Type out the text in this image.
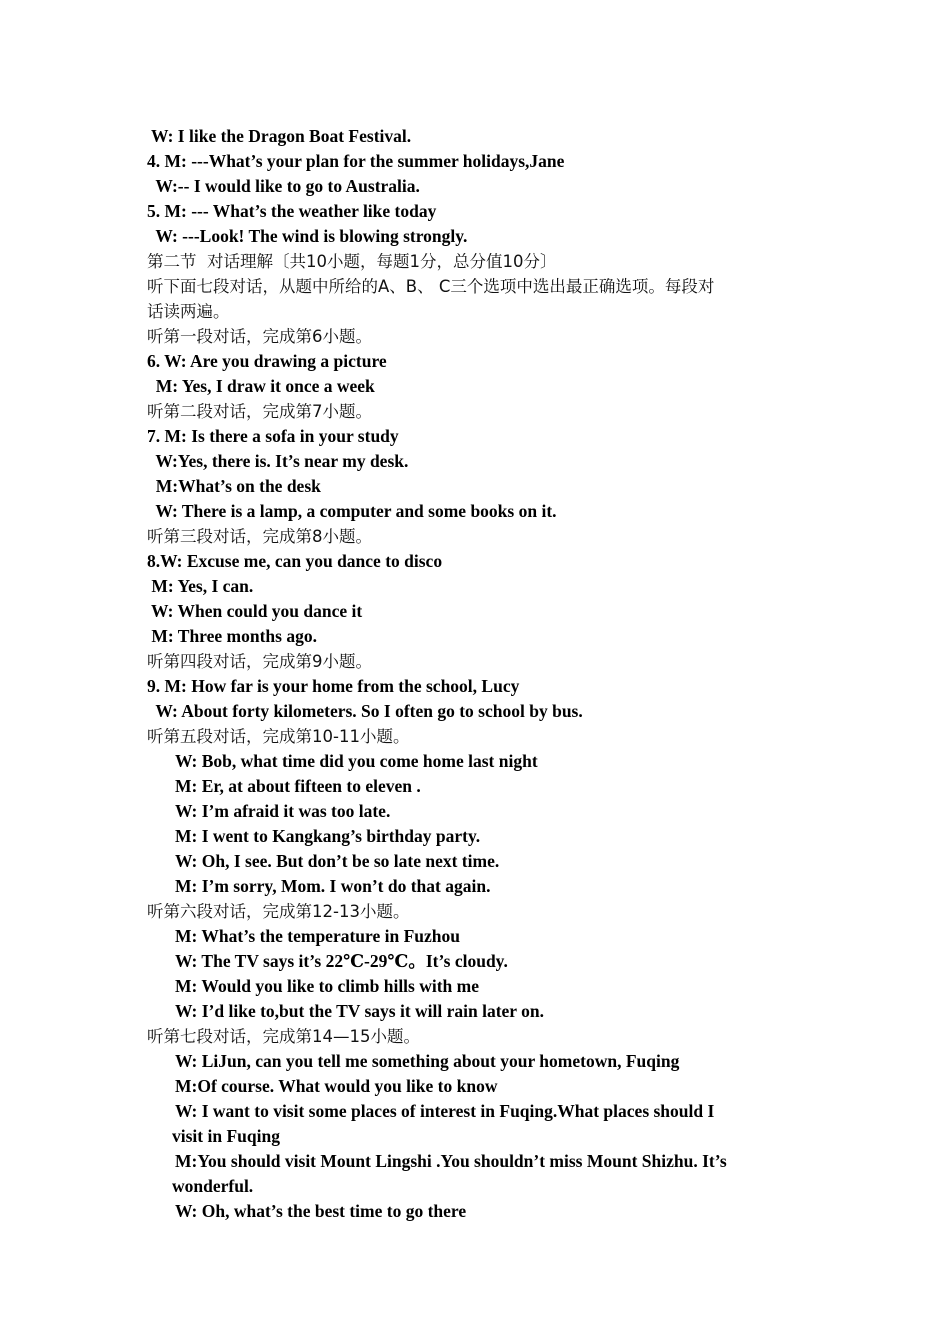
W: I like the Dragon Boat Festival.
4. M: ---What’s your plan for the summer holidays,Jane
W:-- I would like to go to Australia.
5. M: --- What’s the weather like today
W: ---Look! The wind is blowing strongly.
第二节  对话理解〔共10小题，每题1分，总分值10分〕
听下面七段对话，从题中所给的A、B、 C三个选项中选出最正确选项。每段对
话读两遍。
听第一段对话，完成第6小题。
6. W: Are you drawing a picture
M: Yes, I draw it once a week
听第二段对话，完成第7小题。
7. M: Is there a sofa in your study
W:Yes, there is. It’s near my desk.
M:What’s on the desk
W: There is a lamp, a computer and some books on it.
听第三段对话，完成第8小题。
8.W: Excuse me, can you dance to disco
M: Yes, I can.
W: When could you dance it
M: Three months ago.
听第四段对话，完成第9小题。
9. M: How far is your home from the school, Lucy
W: About forty kilometers. So I often go to school by bus.
听第五段对话，完成第10-11小题。
W: Bob, what time did you come home last night
M: Er, at about fifteen to eleven .
W: I’m afraid it was too late.
M: I went to Kangkang’s birthday party.
W: Oh, I see. But don’t be so late next time.
M: I’m sorry, Mom. I won’t do that again.
听第六段对话，完成第12-13小题。
M: What’s the temperature in Fuzhou
W: The TV says it’s 22℃-29℃。It’s cloudy.
M: Would you like to climb hills with me
W: I’d like to,but the TV says it will rain later on.
听第七段对话，完成第14—15小题。
W: LiJun, can you tell me something about your hometown, Fuqing
M:Of course. What would you like to know
W: I want to visit some places of interest in Fuqing.What places should I
visit in Fuqing
M:You should visit Mount Lingshi .You shouldn’t miss Mount Shizhu. It’s
wonderful.
W: Oh, what’s the best time to go there
